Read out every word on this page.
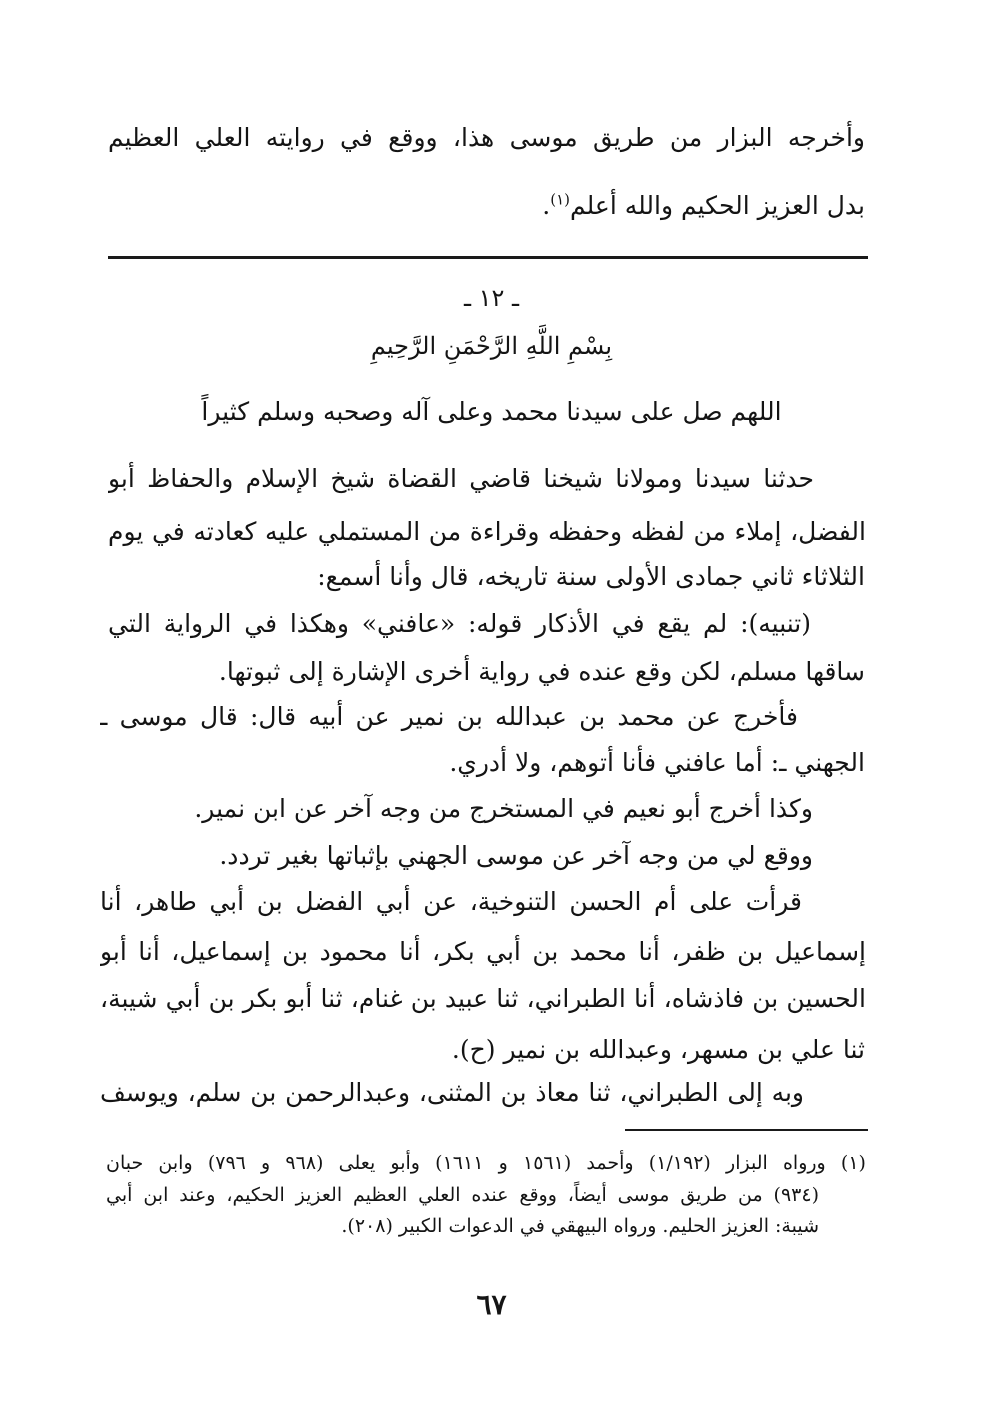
وأخرجه البزار من طريق موسى هذا، ووقع في روايته العلي العظيم
بدل العزيز الحكيم والله أعلم$^{(١)}$.
ـ ١٢ ـ
بِسْمِ اللَّهِ الرَّحْمَنِ الرَّحِيمِ
اللهم صل على سيدنا محمد وعلى آله وصحبه وسلم كثيراً
حدثنا سيدنا ومولانا شيخنا قاضي القضاة شيخ الإسلام والحفاظ أبو
الفضل، إملاء من لفظه وحفظه وقراءة من المستملي عليه كعادته في يوم
الثلاثاء ثاني جمادى الأولى سنة تاريخه، قال وأنا أسمع:
(تنبيه): لم يقع في الأذكار قوله: «عافني» وهكذا في الرواية التي
ساقها مسلم، لكن وقع عنده في رواية أخرى الإشارة إلى ثبوتها.
فأخرج عن محمد بن عبدالله بن نمير عن أبيه قال: قال موسى ـ
الجهني ـ: أما عافني فأنا أتوهم، ولا أدري.
وكذا أخرج أبو نعيم في المستخرج من وجه آخر عن ابن نمير.
ووقع لي من وجه آخر عن موسى الجهني بإثباتها بغير تردد.
قرأت على أم الحسن التنوخية، عن أبي الفضل بن أبي طاهر، أنا
إسماعيل بن ظفر، أنا محمد بن أبي بكر، أنا محمود بن إسماعيل، أنا أبو
الحسين بن فاذشاه، أنا الطبراني، ثنا عبيد بن غنام، ثنا أبو بكر بن أبي شيبة،
ثنا علي بن مسهر، وعبدالله بن نمير (ح).
وبه إلى الطبراني، ثنا معاذ بن المثنى، وعبدالرحمن بن سلم، ويوسف
(١) ورواه البزار (١/١٩٢) وأحمد (١٥٦١ و ١٦١١) وأبو يعلى (٩٦٨ و ٧٩٦) وابن حبان
(٩٣٤) من طريق موسى أيضاً، ووقع عنده العلي العظيم العزيز الحكيم، وعند ابن أبي
شيبة: العزيز الحليم. ورواه البيهقي في الدعوات الكبير (٢٠٨).
٦٧
